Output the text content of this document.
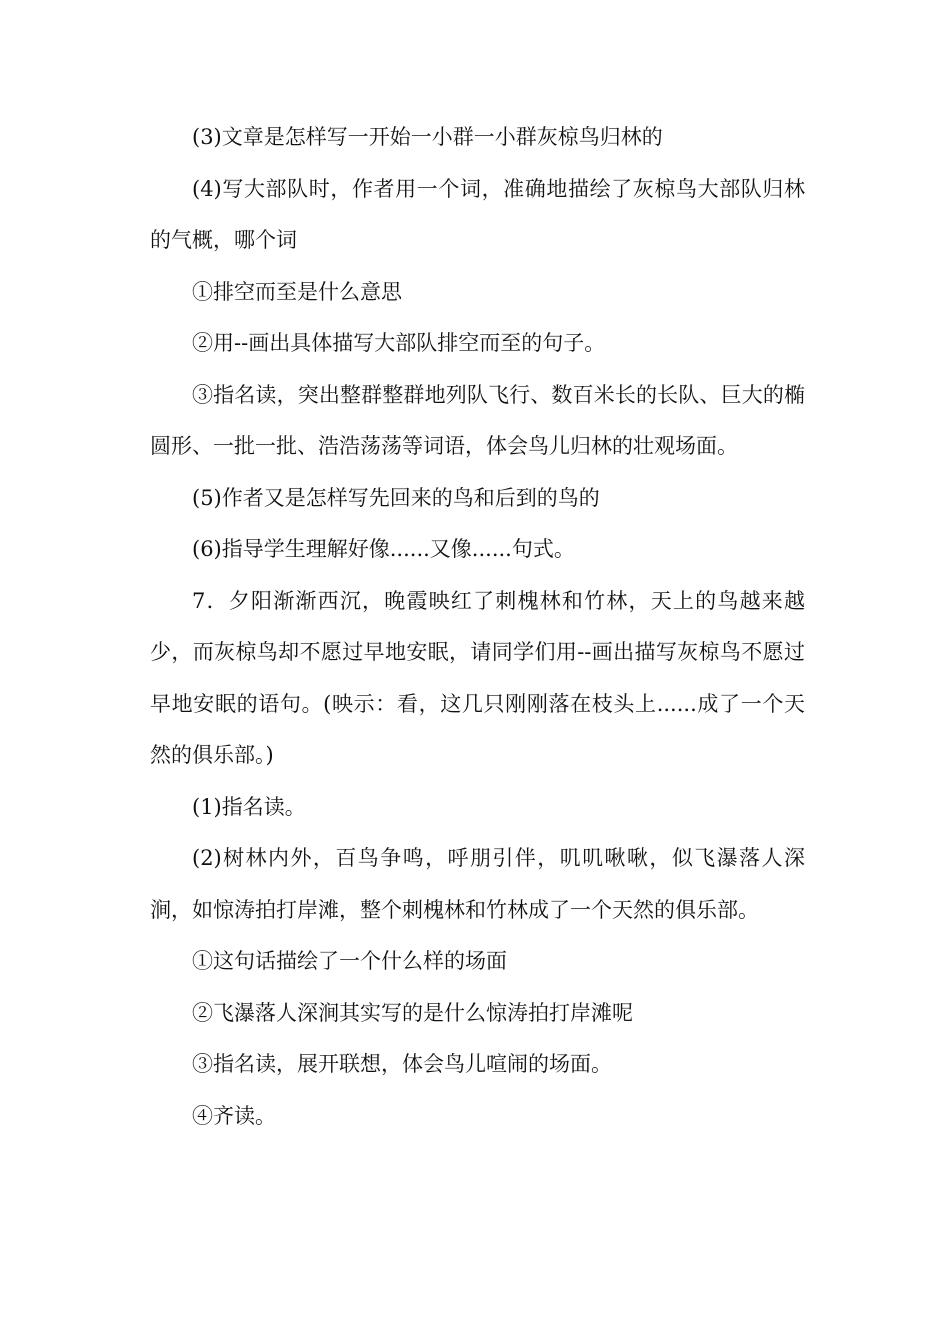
(3)文章是怎样写一开始一小群一小群灰椋鸟归林的

(4)写大部队时，作者用一个词，准确地描绘了灰椋鸟大部队归林的气概，哪个词

①排空而至是什么意思

②用--画出具体描写大部队排空而至的句子。

③指名读，突出整群整群地列队飞行、数百米长的长队、巨大的椭圆形、一批一批、浩浩荡荡等词语，体会鸟儿归林的壮观场面。

(5)作者又是怎样写先回来的鸟和后到的鸟的

(6)指导学生理解好像......又像......句式。

7．夕阳渐渐西沉，晚霞映红了刺槐林和竹林，天上的鸟越来越少，而灰椋鸟却不愿过早地安眠，请同学们用--画出描写灰椋鸟不愿过早地安眠的语句。(映示：看，这几只刚刚落在枝头上......成了一个天然的俱乐部。)

(1)指名读。

(2)树林内外，百鸟争鸣，呼朋引伴，叽叽啾啾，似飞瀑落人深涧，如惊涛拍打岸滩，整个刺槐林和竹林成了一个天然的俱乐部。

①这句话描绘了一个什么样的场面

②飞瀑落人深涧其实写的是什么惊涛拍打岸滩呢

③指名读，展开联想，体会鸟儿喧闹的场面。

④齐读。
